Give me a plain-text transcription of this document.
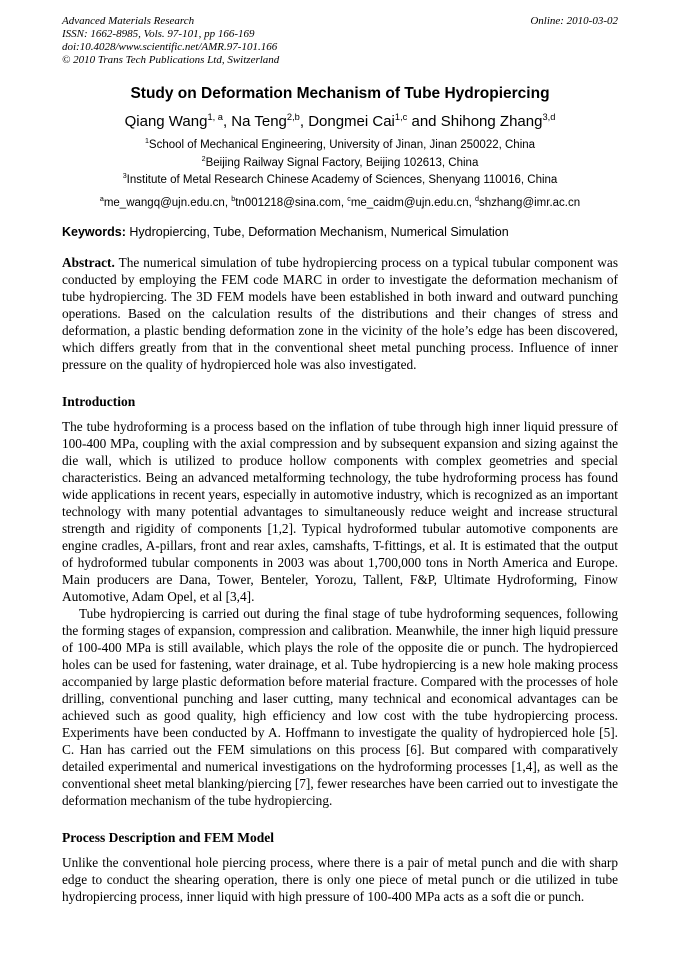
Advanced Materials Research
ISSN: 1662-8985, Vols. 97-101, pp 166-169
doi:10.4028/www.scientific.net/AMR.97-101.166
© 2010 Trans Tech Publications Ltd, Switzerland
Online: 2010-03-02
Study on Deformation Mechanism of Tube Hydropiercing
Qiang Wang$^{1, a}$, Na Teng$^{2,b}$, Dongmei Cai$^{1,c}$ and Shihong Zhang$^{3,d}$
$^1$School of Mechanical Engineering, University of Jinan, Jinan 250022, China
$^2$Beijing Railway Signal Factory, Beijing 102613, China
$^3$Institute of Metal Research Chinese Academy of Sciences, Shenyang 110016, China
$^a$me_wangq@ujn.edu.cn, $^b$tn001218@sina.com, $^c$me_caidm@ujn.edu.cn, $^d$shzhang@imr.ac.cn
Keywords: Hydropiercing, Tube, Deformation Mechanism, Numerical Simulation

Abstract. The numerical simulation of tube hydropiercing process on a typical tubular component was conducted by employing the FEM code MARC in order to investigate the deformation mechanism of tube hydropiercing. The 3D FEM models have been established in both inward and outward punching operations. Based on the calculation results of the distributions and their changes of stress and deformation, a plastic bending deformation zone in the vicinity of the hole’s edge has been discovered, which differs greatly from that in the conventional sheet metal punching process. Influence of inner pressure on the quality of hydropierced hole was also investigated.

Introduction

The tube hydroforming is a process based on the inflation of tube through high inner liquid pressure of 100-400 MPa, coupling with the axial compression and by subsequent expansion and sizing against the die wall, which is utilized to produce hollow components with complex geometries and special characteristics. Being an advanced metalforming technology, the tube hydroforming process has found wide applications in recent years, especially in automotive industry, which is recognized as an important technology with many potential advantages to simultaneously reduce weight and increase structural strength and rigidity of components [1,2]. Typical hydroformed tubular automotive components are engine cradles, A-pillars, front and rear axles, camshafts, T-fittings, et al. It is estimated that the output of hydroformed tubular components in 2003 was about 1,700,000 tons in North America and Europe. Main producers are Dana, Tower, Benteler, Yorozu, Tallent, F&P, Ultimate Hydroforming, Finow Automotive, Adam Opel, et al [3,4].

Tube hydropiercing is carried out during the final stage of tube hydroforming sequences, following the forming stages of expansion, compression and calibration. Meanwhile, the inner high liquid pressure of 100-400 MPa is still available, which plays the role of the opposite die or punch. The hydropierced holes can be used for fastening, water drainage, et al. Tube hydropiercing is a new hole making process accompanied by large plastic deformation before material fracture. Compared with the processes of hole drilling, conventional punching and laser cutting, many technical and economical advantages can be achieved such as good quality, high efficiency and low cost with the tube hydropiercing process. Experiments have been conducted by A. Hoffmann to investigate the quality of hydropierced hole [5]. C. Han has carried out the FEM simulations on this process [6]. But compared with comparatively detailed experimental and numerical investigations on the hydroforming processes [1,4], as well as the conventional sheet metal blanking/piercing [7], fewer researches have been carried out to investigate the deformation mechanism of the tube hydropiercing.

Process Description and FEM Model

Unlike the conventional hole piercing process, where there is a pair of metal punch and die with sharp edge to conduct the shearing operation, there is only one piece of metal punch or die utilized in tube hydropiercing process, inner liquid with high pressure of 100-400 MPa acts as a soft die or punch.
